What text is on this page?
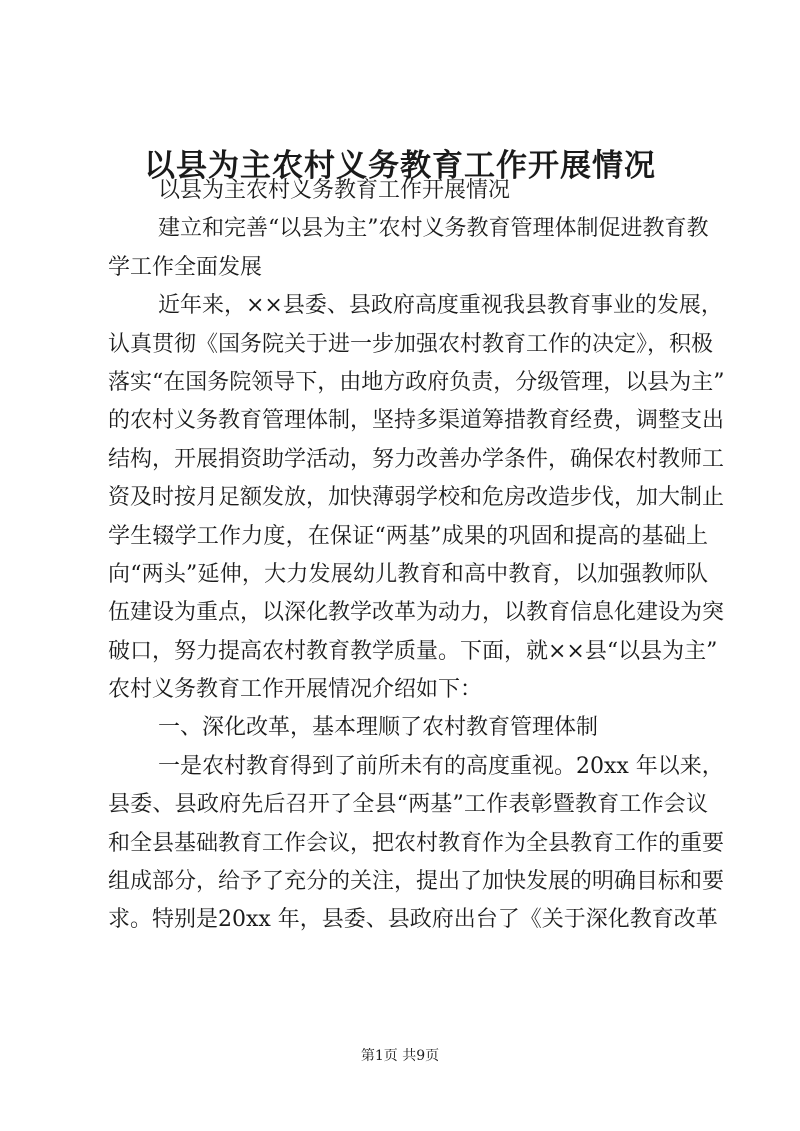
以县为主农村义务教育工作开展情况
以县为主农村义务教育工作开展情况
建立和完善“以县为主”农村义务教育管理体制促进教育教
学工作全面发展
近年来，××县委、县政府高度重视我县教育事业的发展，
认真贯彻《国务院关于进一步加强农村教育工作的决定》，积极
落实“在国务院领导下，由地方政府负责，分级管理，以县为主”
的农村义务教育管理体制，坚持多渠道筹措教育经费，调整支出
结构，开展捐资助学活动，努力改善办学条件，确保农村教师工
资及时按月足额发放，加快薄弱学校和危房改造步伐，加大制止
学生辍学工作力度，在保证“两基”成果的巩固和提高的基础上
向“两头”延伸，大力发展幼儿教育和高中教育，以加强教师队
伍建设为重点，以深化教学改革为动力，以教育信息化建设为突
破口，努力提高农村教育教学质量。下面，就××县“以县为主”
农村义务教育工作开展情况介绍如下：
一、深化改革，基本理顺了农村教育管理体制
一是农村教育得到了前所未有的高度重视。20xx 年以来，
县委、县政府先后召开了全县“两基”工作表彰暨教育工作会议
和全县基础教育工作会议，把农村教育作为全县教育工作的重要
组成部分，给予了充分的关注，提出了加快发展的明确目标和要
求。特别是20xx 年，县委、县政府出台了《关于深化教育改革
第1页 共9页
